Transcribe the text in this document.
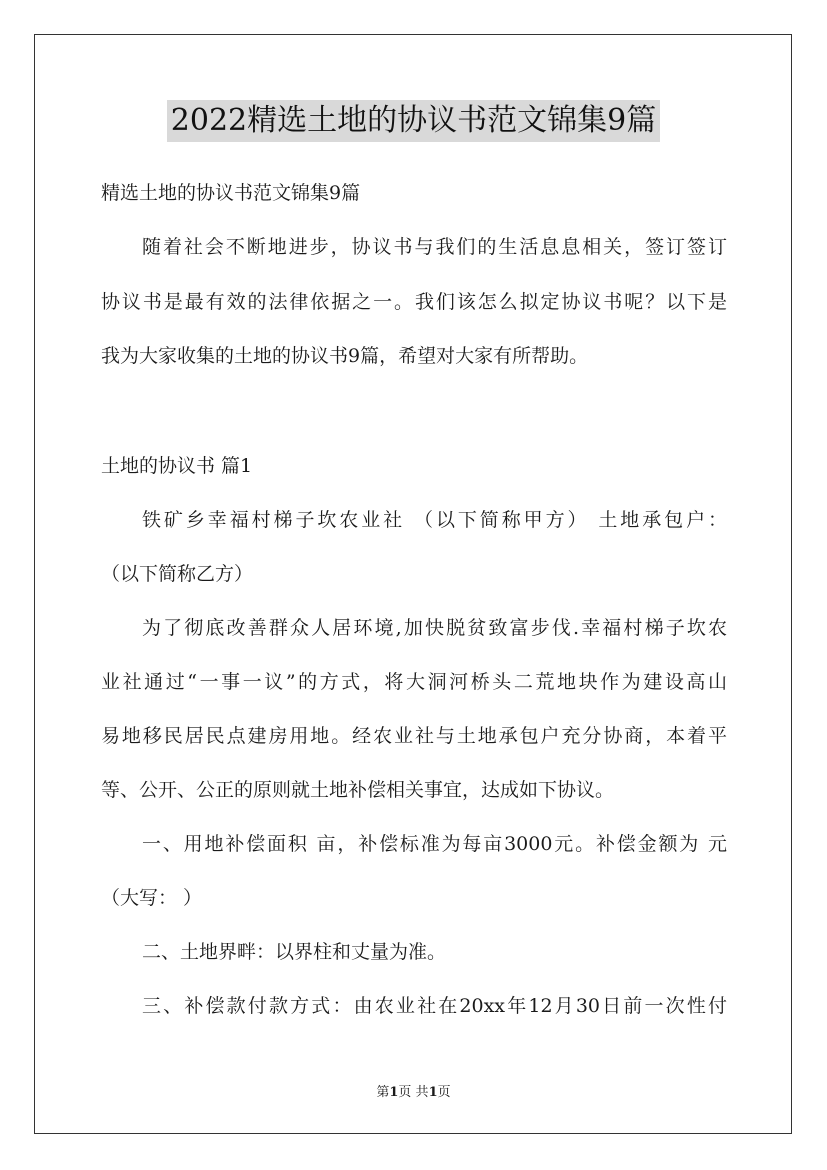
2022精选土地的协议书范文锦集9篇
精选土地的协议书范文锦集9篇
随着社会不断地进步，协议书与我们的生活息息相关，签订签订
协议书是最有效的法律依据之一。我们该怎么拟定协议书呢？以下是
我为大家收集的土地的协议书9篇，希望对大家有所帮助。
土地的协议书 篇1
铁矿乡幸福村梯子坎农业社 （以下简称甲方） 土地承包户：
（以下简称乙方）
为了彻底改善群众人居环境,加快脱贫致富步伐.幸福村梯子坎农
业社通过“一事一议”的方式，将大洞河桥头二荒地块作为建设高山
易地移民居民点建房用地。经农业社与土地承包户充分协商，本着平
等、公开、公正的原则就土地补偿相关事宜，达成如下协议。
一、用地补偿面积 亩，补偿标准为每亩3000元。补偿金额为 元
（大写： ）
二、土地界畔：以界柱和丈量为准。
三、补偿款付款方式：由农业社在20xx年12月30日前一次性付
第1页 共1页
